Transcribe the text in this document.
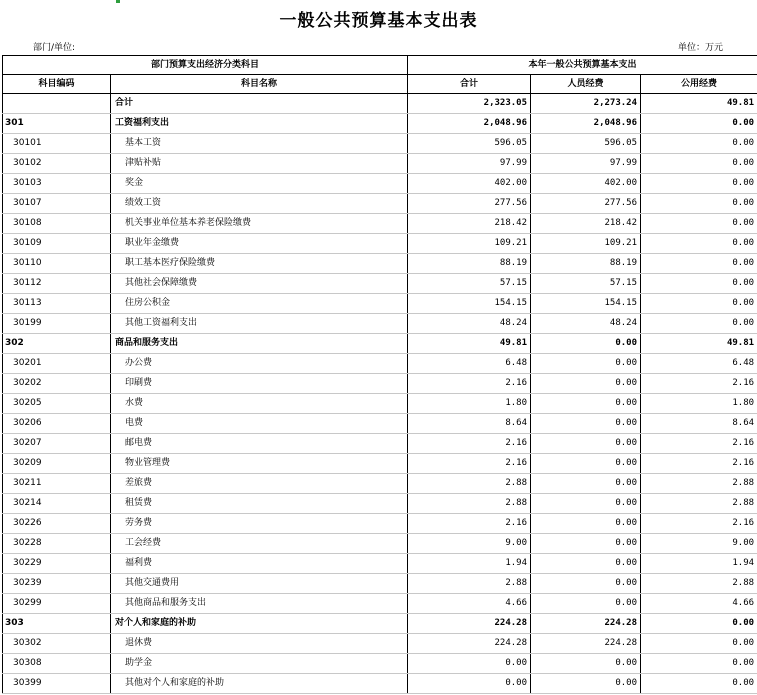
一般公共预算基本支出表
部门/单位:	单位：万元
部门预算支出经济分类科目		本年一般公共预算基本支出		
科目编码	科目名称	合计	人员经费	公用经费
	合计	2,323.05	2,273.24	49.81
301	工资福利支出	2,048.96	2,048.96	0.00
30101	基本工资	596.05	596.05	0.00
30102	津贴补贴	97.99	97.99	0.00
30103	奖金	402.00	402.00	0.00
30107	绩效工资	277.56	277.56	0.00
30108	机关事业单位基本养老保险缴费	218.42	218.42	0.00
30109	职业年金缴费	109.21	109.21	0.00
30110	职工基本医疗保险缴费	88.19	88.19	0.00
30112	其他社会保障缴费	57.15	57.15	0.00
30113	住房公积金	154.15	154.15	0.00
30199	其他工资福利支出	48.24	48.24	0.00
302	商品和服务支出	49.81	0.00	49.81
30201	办公费	6.48	0.00	6.48
30202	印刷费	2.16	0.00	2.16
30205	水费	1.80	0.00	1.80
30206	电费	8.64	0.00	8.64
30207	邮电费	2.16	0.00	2.16
30209	物业管理费	2.16	0.00	2.16
30211	差旅费	2.88	0.00	2.88
30214	租赁费	2.88	0.00	2.88
30226	劳务费	2.16	0.00	2.16
30228	工会经费	9.00	0.00	9.00
30229	福利费	1.94	0.00	1.94
30239	其他交通费用	2.88	0.00	2.88
30299	其他商品和服务支出	4.66	0.00	4.66
303	对个人和家庭的补助	224.28	224.28	0.00
30302	退休费	224.28	224.28	0.00
30308	助学金	0.00	0.00	0.00
30399	其他对个人和家庭的补助	0.00	0.00	0.00
